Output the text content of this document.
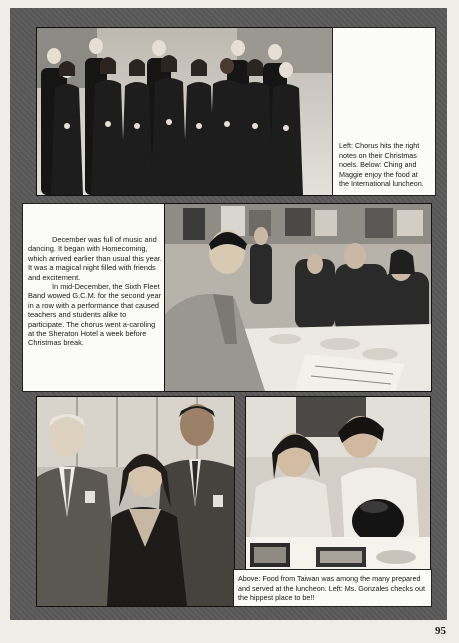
Left: Chorus hits the right notes on their Christmas noels. Below: Ching and Maggie enjoy the food at the International luncheon.

December was full of music and dancing. It began with Homecoming, which arrived earlier than usual this year. It was a magical night filled with friends and excitement.

In mid-December, the Sixth Fleet Band wowed G.C.M. for the second year in a row with a performance that caused teachers and students alike to participate. The chorus went a-caroling at the Sheraton Hotel a week before Christmas break.

Above: Food from Taiwan was among the many prepared and served at the luncheon. Left: Ms. Gonzales checks out the hippest place to be!!
95
